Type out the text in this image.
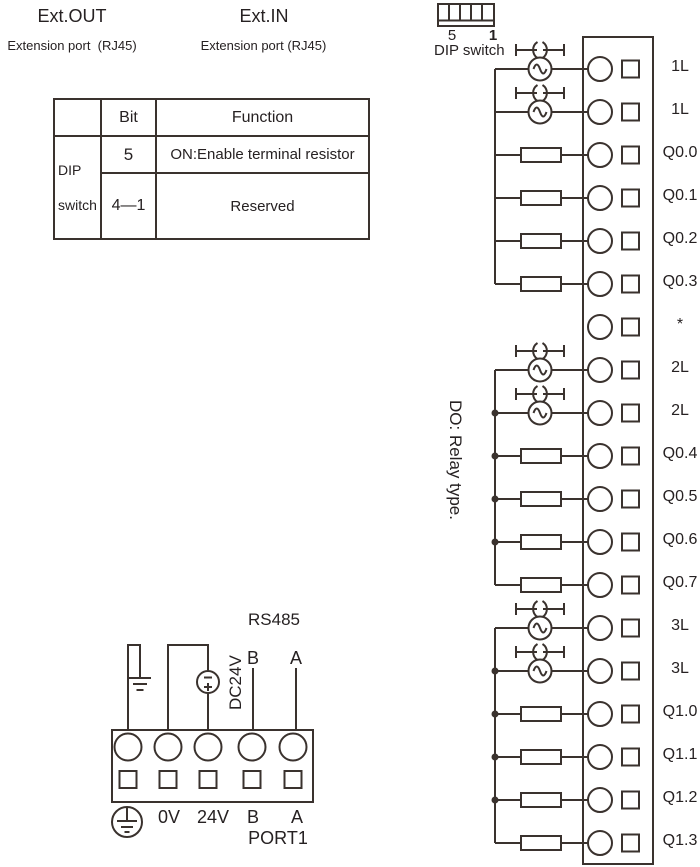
Ext.OUT
Extension port  (RJ45)
Ext.IN
Extension port (RJ45)
	Bit	Function
DIP switch	5	ON:Enable terminal resistor
	4—1	Reserved
5 1
DIP switch
DO: Relay type.
RS485
B A
DC24V
0V 24V B A
PORT1
1L
1L
Q0.0
Q0.1
Q0.2
Q0.3
*
2L
2L
Q0.4
Q0.5
Q0.6
Q0.7
3L
3L
Q1.0
Q1.1
Q1.2
Q1.3
